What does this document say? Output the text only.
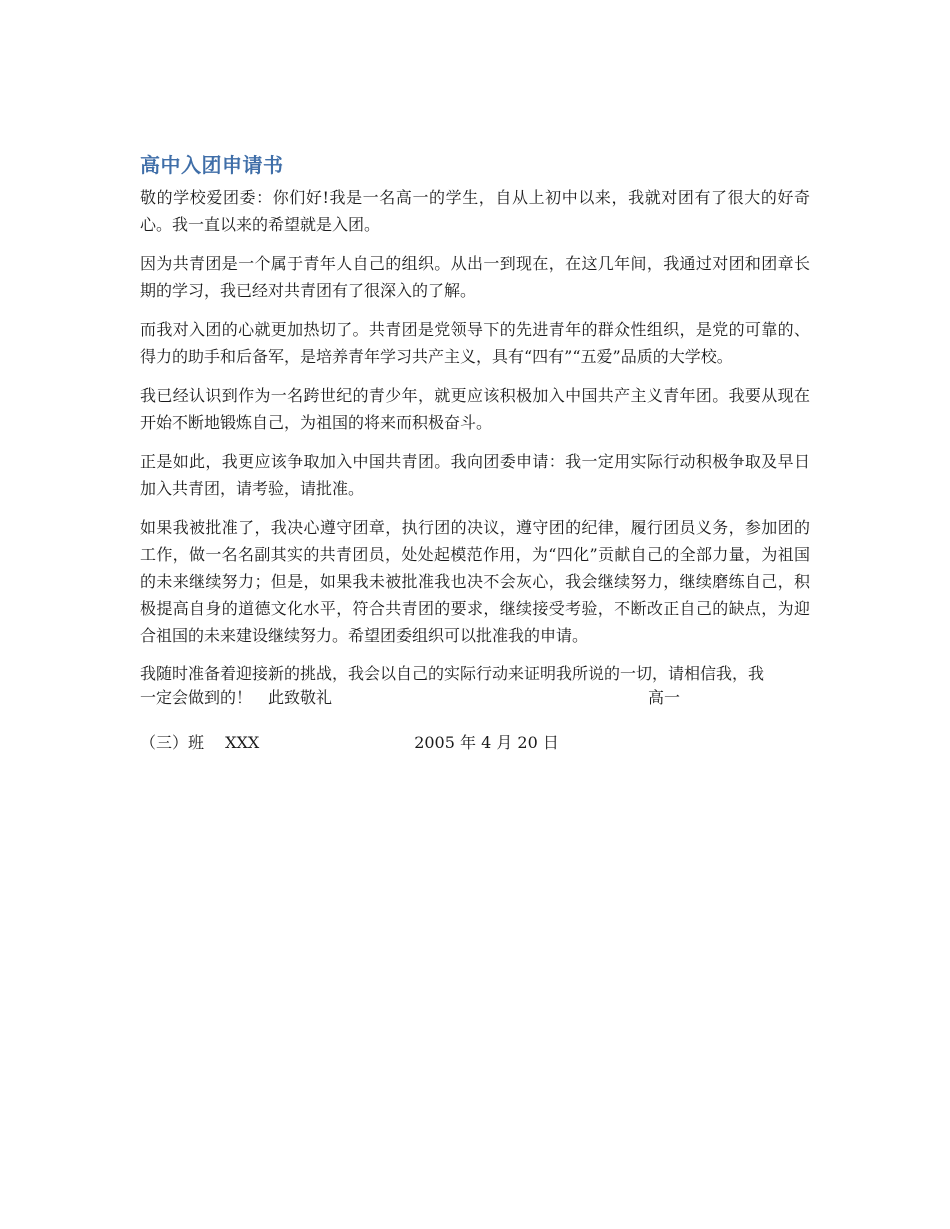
高中入团申请书

敬的学校爱团委：你们好!我是一名高一的学生，自从上初中以来，我就对团有了很大的好奇心。我一直以来的希望就是入团。

因为共青团是一个属于青年人自己的组织。从出一到现在，在这几年间，我通过对团和团章长期的学习，我已经对共青团有了很深入的了解。

而我对入团的心就更加热切了。共青团是党领导下的先进青年的群众性组织，是党的可靠的、得力的助手和后备军，是培养青年学习共产主义，具有“四有”“五爱”品质的大学校。

我已经认识到作为一名跨世纪的青少年，就更应该积极加入中国共产主义青年团。我要从现在开始不断地锻炼自己，为祖国的将来而积极奋斗。

正是如此，我更应该争取加入中国共青团。我向团委申请：我一定用实际行动积极争取及早日加入共青团，请考验，请批准。

如果我被批准了，我决心遵守团章，执行团的决议，遵守团的纪律，履行团员义务，参加团的工作，做一名名副其实的共青团员，处处起模范作用，为“四化”贡献自己的全部力量，为祖国的未来继续努力；但是，如果我未被批准我也决不会灰心，我会继续努力，继续磨练自己，积极提高自身的道德文化水平，符合共青团的要求，继续接受考验，不断改正自己的缺点，为迎合祖国的未来建设继续努力。希望团委组织可以批准我的申请。

我随时准备着迎接新的挑战，我会以自己的实际行动来证明我所说的一切，请相信我，我
一定会做到的！　此致敬礼	高一
（三）班 XXX	2005 年 4 月 20 日
